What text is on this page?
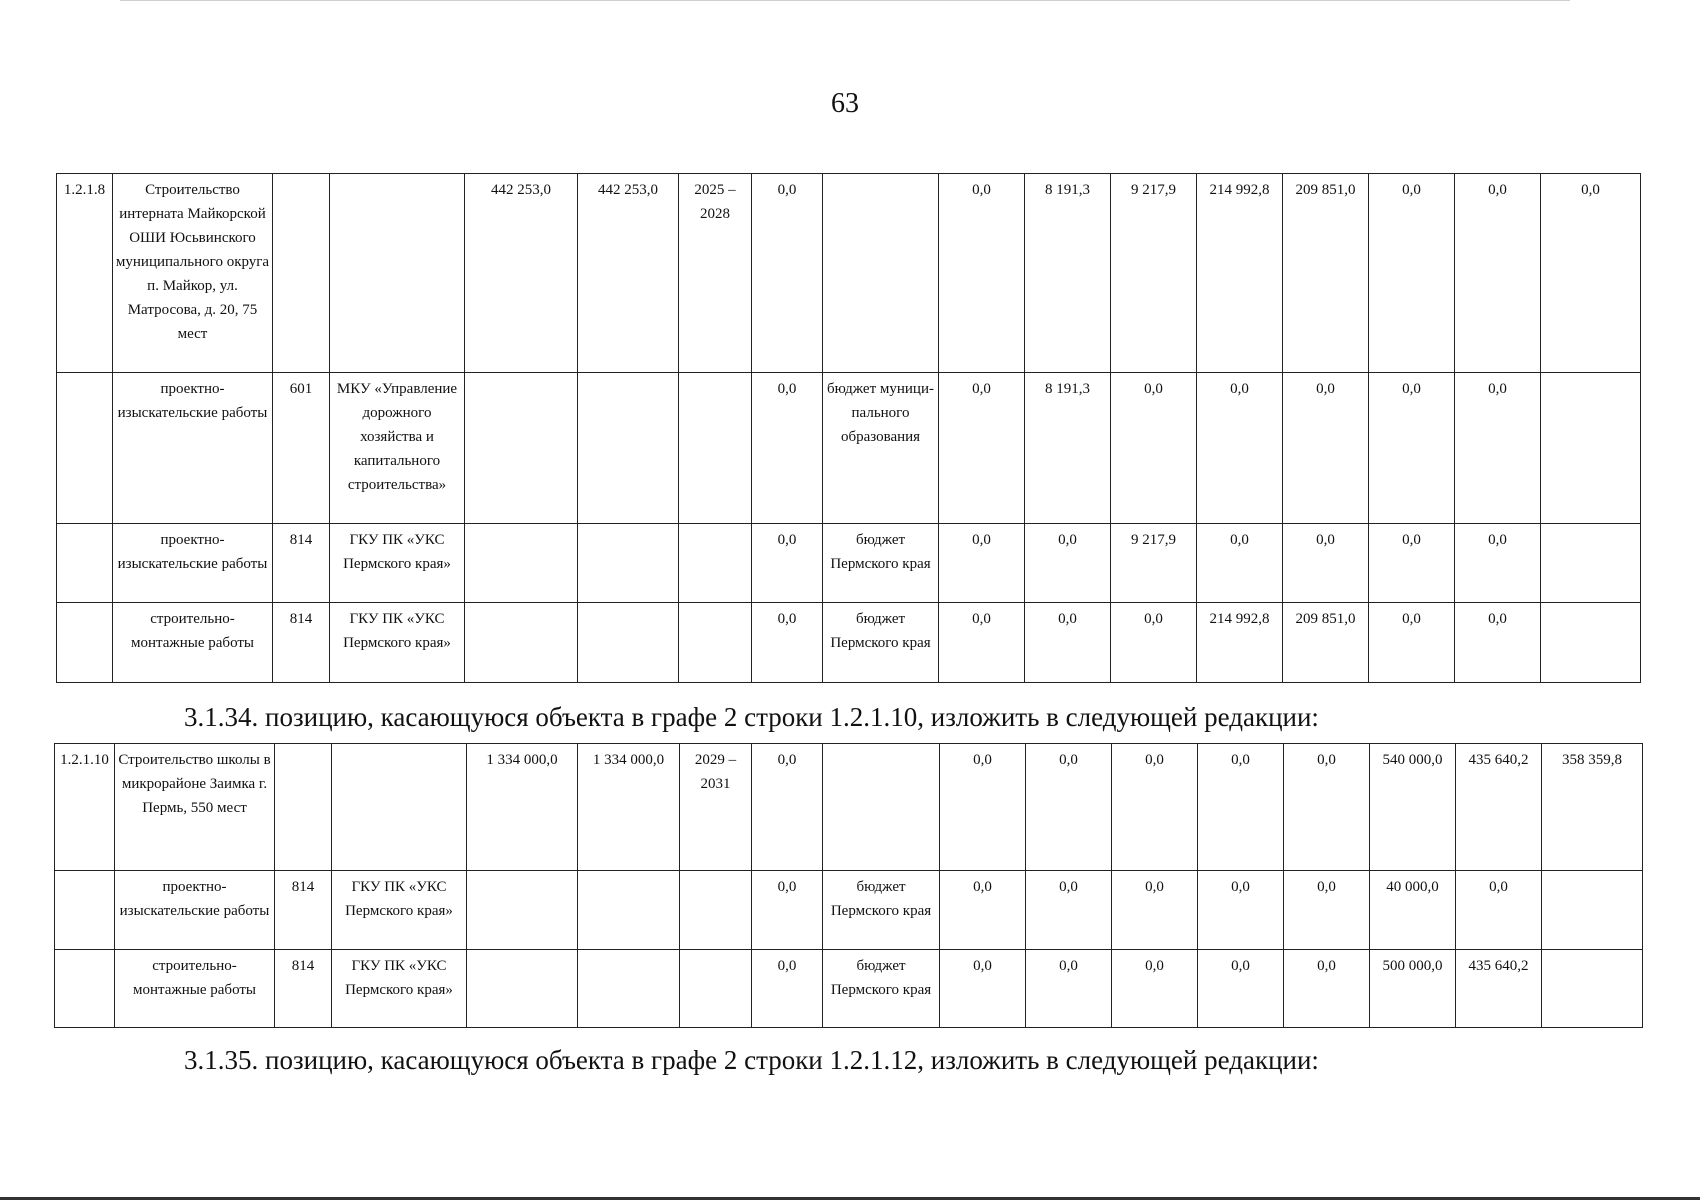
63
1.2.1.8	Строительство интерната Майкорской ОШИ Юсьвинского муниципального округа п. Майкор, ул. Матросова, д. 20, 75 мест			442 253,0	442 253,0	2025 – 2028	0,0		0,0	8 191,3	9 217,9	214 992,8	209 851,0	0,0	0,0	0,0
	проектно-изыскательские работы	601	МКУ «Управление дорожного хозяйства и капитального строительства»				0,0	бюджет муници-пального образования	0,0	8 191,3	0,0	0,0	0,0	0,0	0,0	
	проектно-изыскательские работы	814	ГКУ ПК «УКС Пермского края»				0,0	бюджет Пермского края	0,0	0,0	9 217,9	0,0	0,0	0,0	0,0	
	строительно-монтажные работы	814	ГКУ ПК «УКС Пермского края»				0,0	бюджет Пермского края	0,0	0,0	0,0	214 992,8	209 851,0	0,0	0,0	
3.1.34. позицию, касающуюся объекта в графе 2 строки 1.2.1.10, изложить в следующей редакции:
1.2.1.10	Строительство школы в микрорайоне Заимка г. Пермь, 550 мест			1 334 000,0	1 334 000,0	2029 – 2031	0,0		0,0	0,0	0,0	0,0	0,0	540 000,0	435 640,2	358 359,8
	проектно-изыскательские работы	814	ГКУ ПК «УКС Пермского края»				0,0	бюджет Пермского края	0,0	0,0	0,0	0,0	0,0	40 000,0	0,0	
	строительно-монтажные работы	814	ГКУ ПК «УКС Пермского края»				0,0	бюджет Пермского края	0,0	0,0	0,0	0,0	0,0	500 000,0	435 640,2	
3.1.35. позицию, касающуюся объекта в графе 2 строки 1.2.1.12, изложить в следующей редакции:
